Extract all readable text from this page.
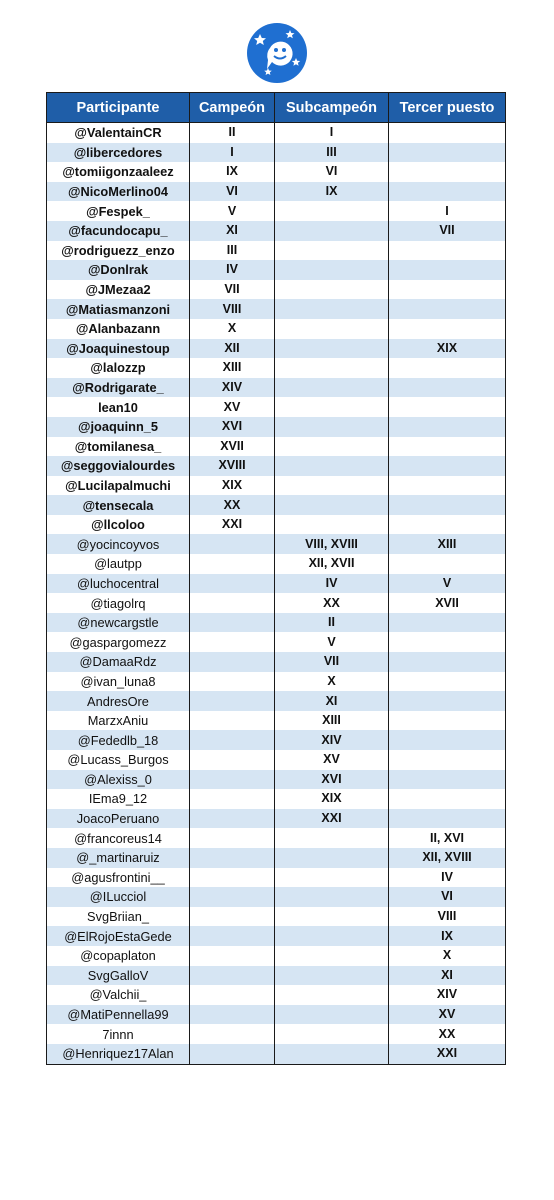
Participante	Campeón	Subcampeón	Tercer puesto
@ValentainCR	II	I	
@libercedores	I	III	
@tomiigonzaaleez	IX	VI	
@NicoMerlino04	VI	IX	
@Fespek_	V		I
@facundocapu_	XI		VII
@rodriguezz_enzo	III		
@Donlrak	IV		
@JMezaa2	VII		
@Matiasmanzoni	VIII		
@Alanbazann	X		
@Joaquinestoup	XII		XIX
@lalozzp	XIII		
@Rodrigarate_	XIV		
lean10	XV		
@joaquinn_5	XVI		
@tomilanesa_	XVII		
@seggovialourdes	XVIII		
@Lucilapalmuchi	XIX		
@tensecala	XX		
@llcoloo	XXI		
@yocincoyvos		VIII, XVIII	XIII
@lautpp		XII, XVII	
@luchocentral		IV	V
@tiagolrq		XX	XVII
@newcargstle		II	
@gaspargomezz		V	
@DamaaRdz		VII	
@ivan_luna8		X	
AndresOre		XI	
MarzxAniu		XIII	
@Fededlb_18		XIV	
@Lucass_Burgos		XV	
@Alexiss_0		XVI	
IEma9_12		XIX	
JoacoPeruano		XXI	
@francoreus14			II, XVI
@_martinaruiz			XII, XVIII
@agusfrontini__			IV
@ILucciol			VI
SvgBriian_			VIII
@ElRojoEstaGede			IX
@copaplaton			X
SvgGalloV			XI
@Valchii_			XIV
@MatiPennella99			XV
7innn			XX
@Henriquez17Alan			XXI
